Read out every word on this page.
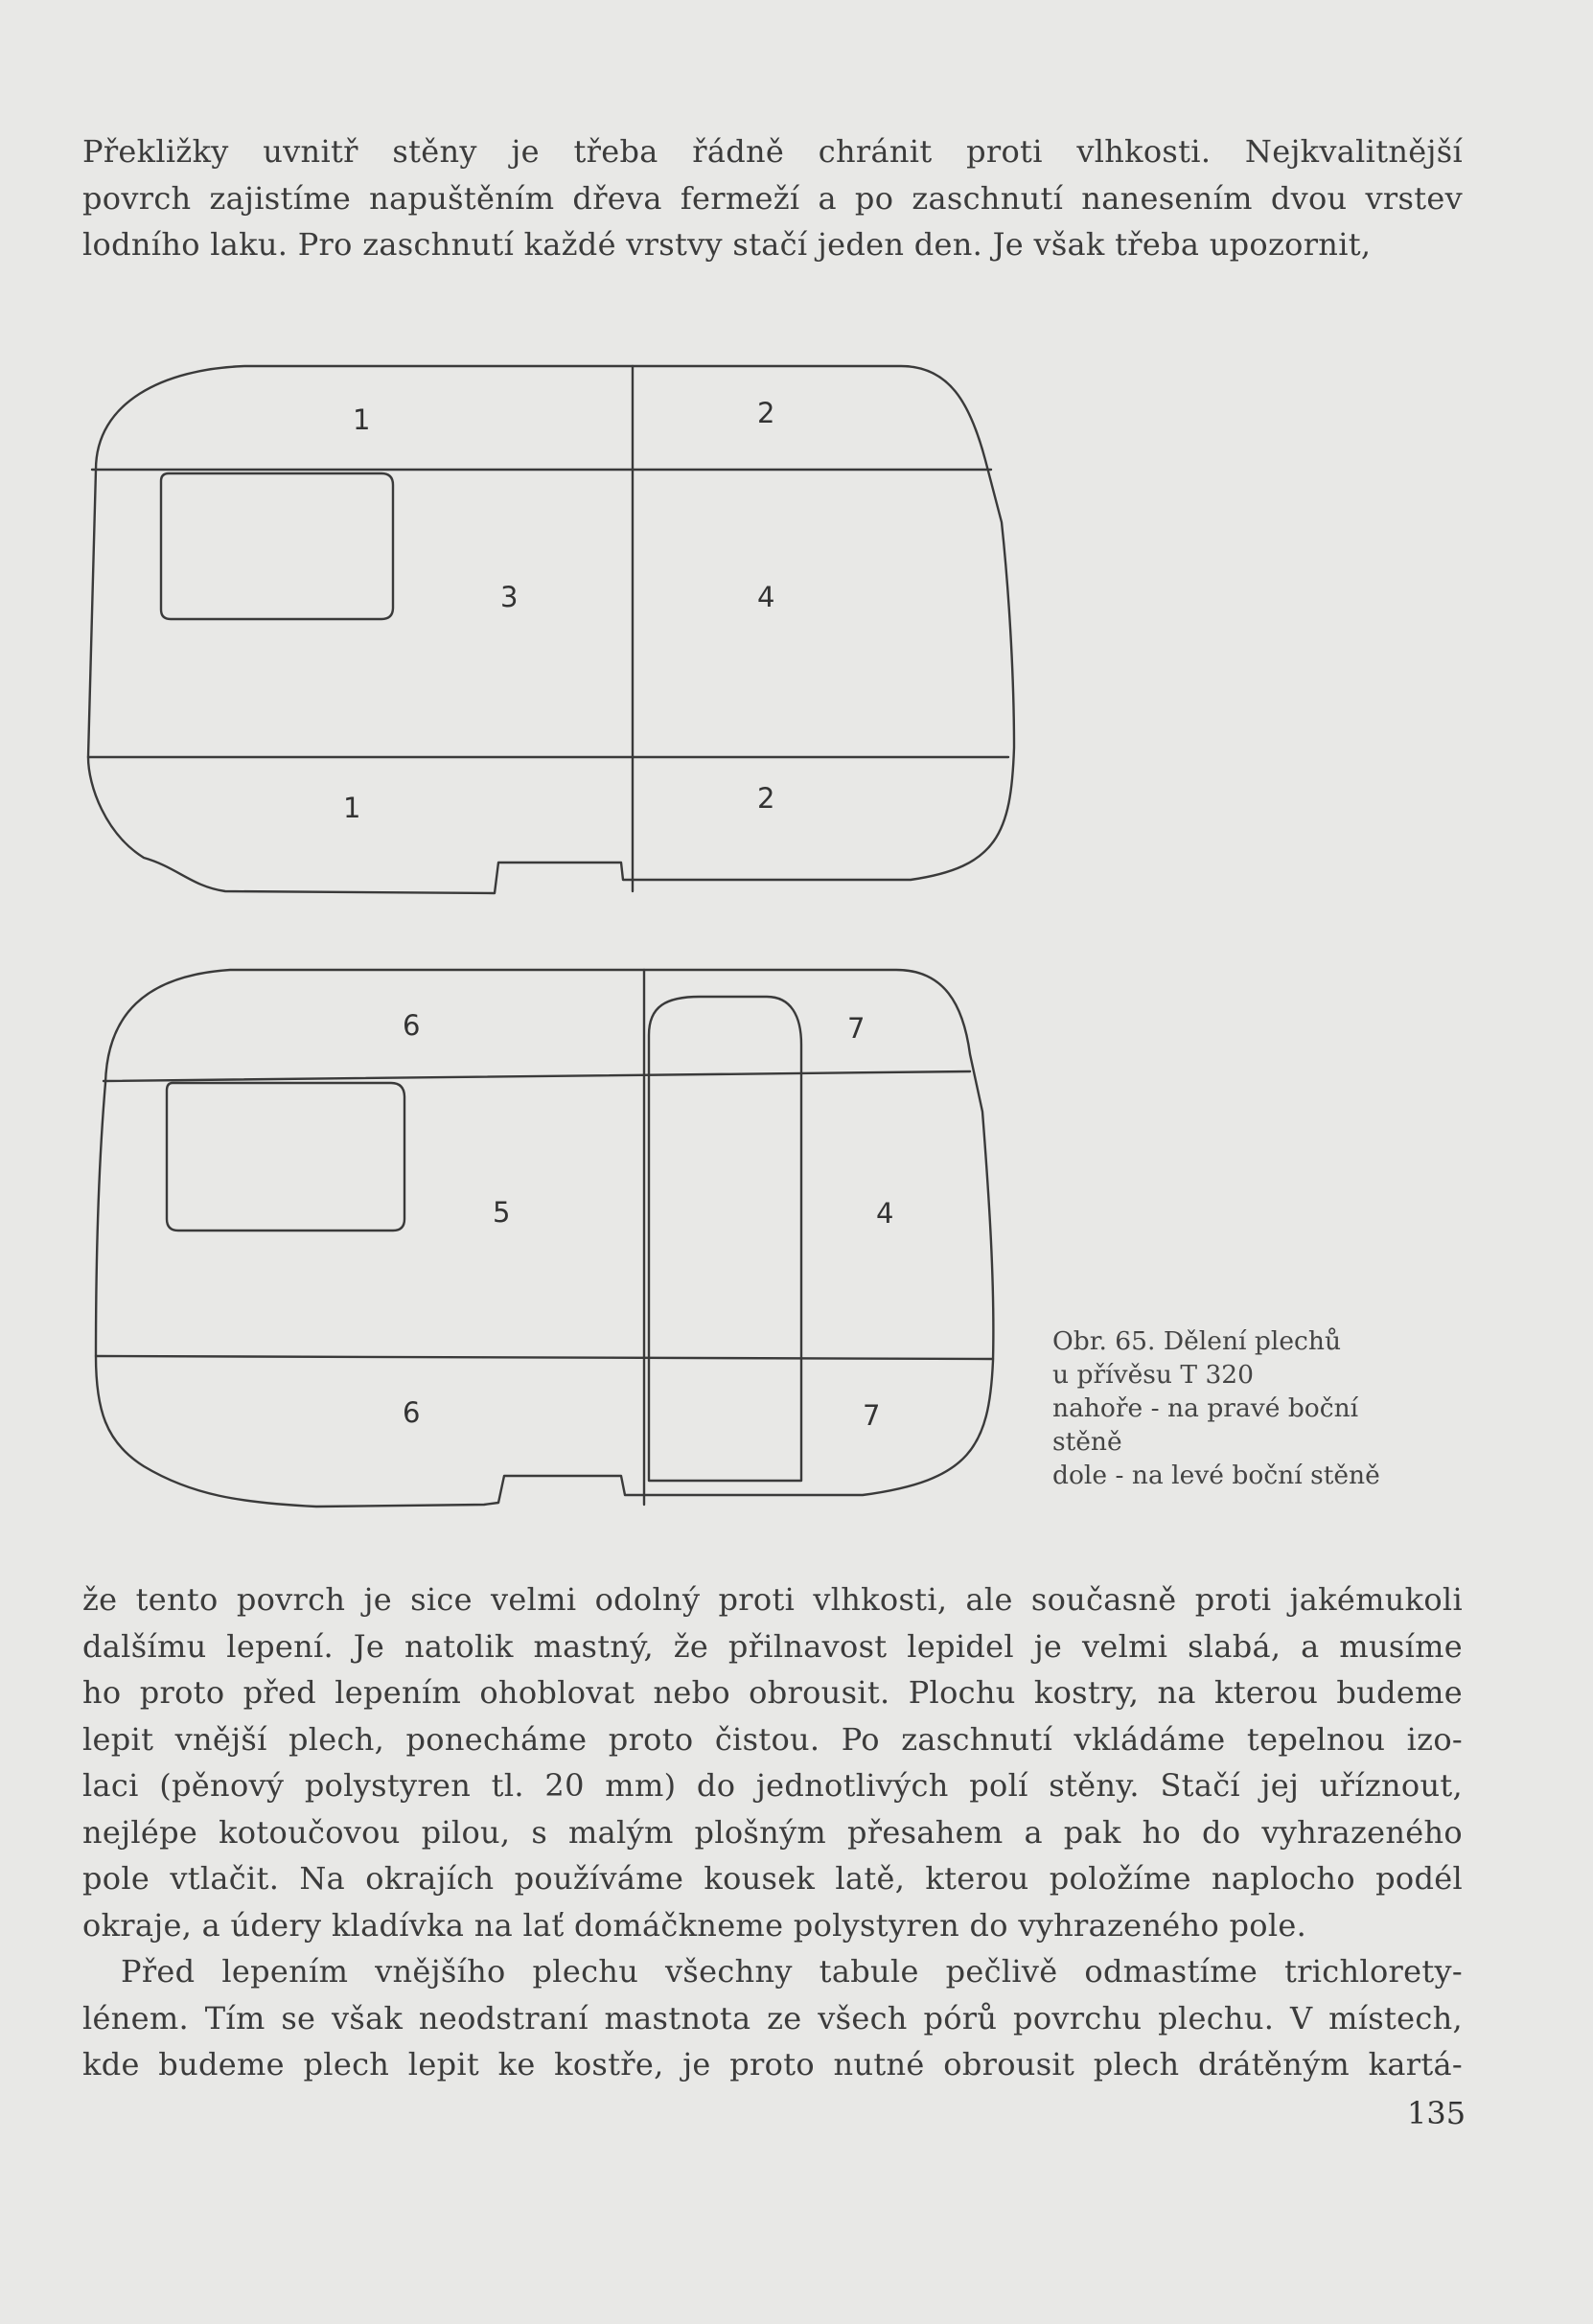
Překližky uvnitř stěny je třeba řádně chránit proti vlhkosti. Nejkvalitnější
povrch zajistíme napuštěním dřeva fermeží a po zaschnutí nanesením dvou vrstev
lodního laku. Pro zaschnutí každé vrstvy stačí jeden den. Je však třeba upozornit,
1	2
3	4
1	2
6	7
5	4
6	7
Obr. 65. Dělení plechů
u přívěsu T 320
nahoře - na pravé boční
stěně
dole - na levé boční stěně
že tento povrch je sice velmi odolný proti vlhkosti, ale současně proti jakémukoli
dalšímu lepení. Je natolik mastný, že přilnavost lepidel je velmi slabá, a musíme
ho proto před lepením ohoblovat nebo obrousit. Plochu kostry, na kterou budeme
lepit vnější plech, ponecháme proto čistou. Po zaschnutí vkládáme tepelnou izo-
laci (pěnový polystyren tl. 20 mm) do jednotlivých polí stěny. Stačí jej uříznout,
nejlépe kotoučovou pilou, s malým plošným přesahem a pak ho do vyhrazeného
pole vtlačit. Na okrajích používáme kousek latě, kterou položíme naplocho podél
okraje, a údery kladívka na lať domáčkneme polystyren do vyhrazeného pole.
Před lepením vnějšího plechu všechny tabule pečlivě odmastíme trichlorety-
lénem. Tím se však neodstraní mastnota ze všech pórů povrchu plechu. V místech,
kde budeme plech lepit ke kostře, je proto nutné obrousit plech drátěným kartá-
135
